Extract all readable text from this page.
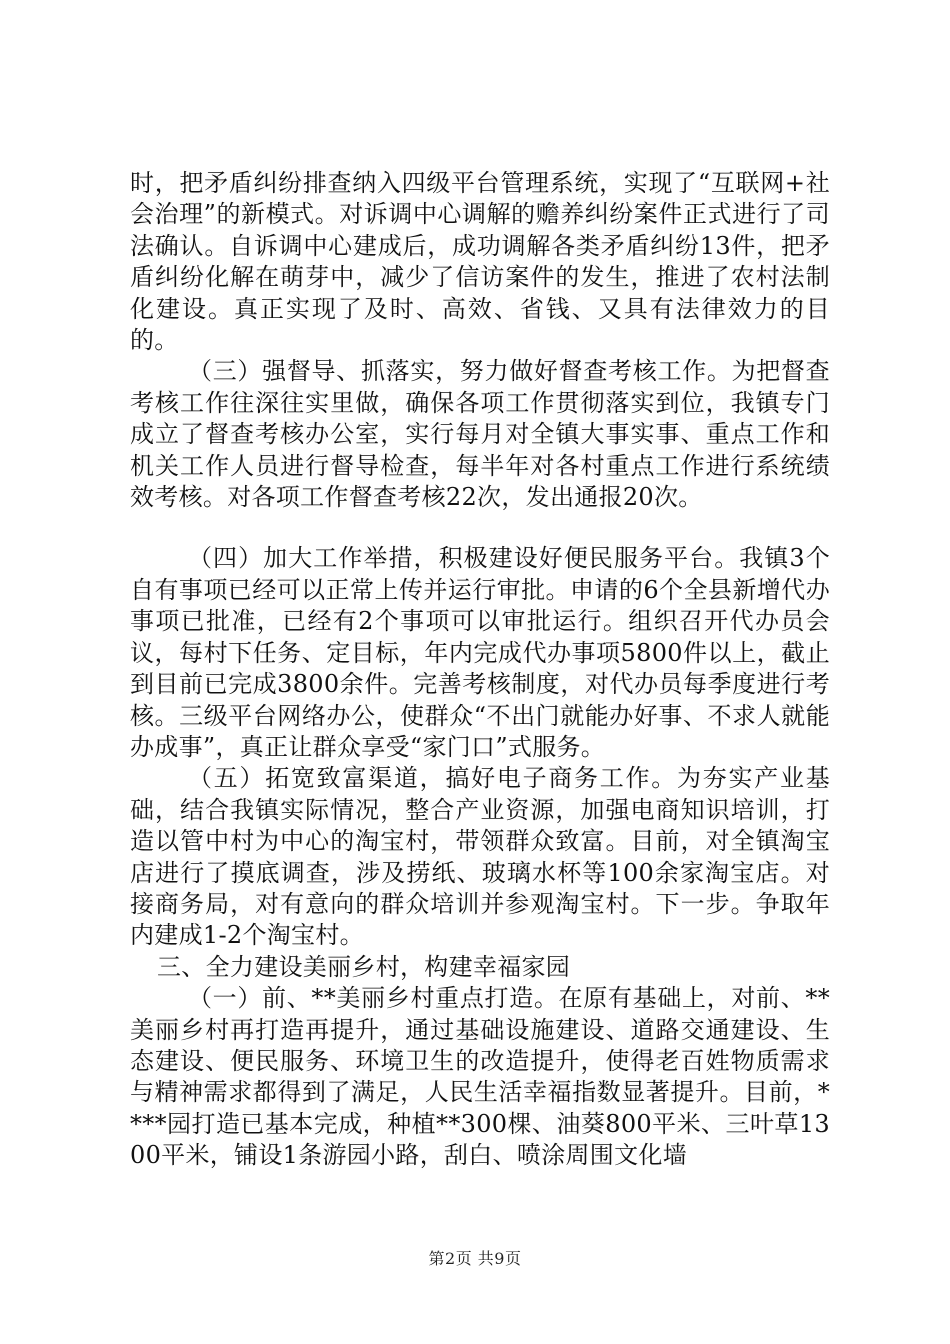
时，把矛盾纠纷排查纳入四级平台管理系统，实现了“互联网+社会治理”的新模式。对诉调中心调解的赡养纠纷案件正式进行了司法确认。自诉调中心建成后，成功调解各类矛盾纠纷13件，把矛盾纠纷化解在萌芽中，减少了信访案件的发生，推进了农村法制化建设。真正实现了及时、高效、省钱、又具有法律效力的目的。

（三）强督导、抓落实，努力做好督查考核工作。为把督查考核工作往深往实里做，确保各项工作贯彻落实到位，我镇专门成立了督查考核办公室，实行每月对全镇大事实事、重点工作和机关工作人员进行督导检查，每半年对各村重点工作进行系统绩效考核。对各项工作督查考核22次，发出通报20次。

（四）加大工作举措，积极建设好便民服务平台。我镇3个自有事项已经可以正常上传并运行审批。申请的6个全县新增代办事项已批准，已经有2个事项可以审批运行。组织召开代办员会议，每村下任务、定目标，年内完成代办事项5800件以上，截止到目前已完成3800余件。完善考核制度，对代办员每季度进行考核。三级平台网络办公，使群众“不出门就能办好事、不求人就能办成事”，真正让群众享受“家门口”式服务。

（五）拓宽致富渠道，搞好电子商务工作。为夯实产业基础，结合我镇实际情况，整合产业资源，加强电商知识培训，打造以管中村为中心的淘宝村，带领群众致富。目前，对全镇淘宝店进行了摸底调查，涉及捞纸、玻璃水杯等100余家淘宝店。对接商务局，对有意向的群众培训并参观淘宝村。下一步。争取年内建成1-2个淘宝村。

三、全力建设美丽乡村，构建幸福家园

（一）前、**美丽乡村重点打造。在原有基础上，对前、**美丽乡村再打造再提升，通过基础设施建设、道路交通建设、生态建设、便民服务、环境卫生的改造提升，使得老百姓物质需求与精神需求都得到了满足，人民生活幸福指数显著提升。目前，****园打造已基本完成，种植**300棵、油葵800平米、三叶草1300平米，铺设1条游园小路，刮白、喷涂周围文化墙

第2页 共9页
